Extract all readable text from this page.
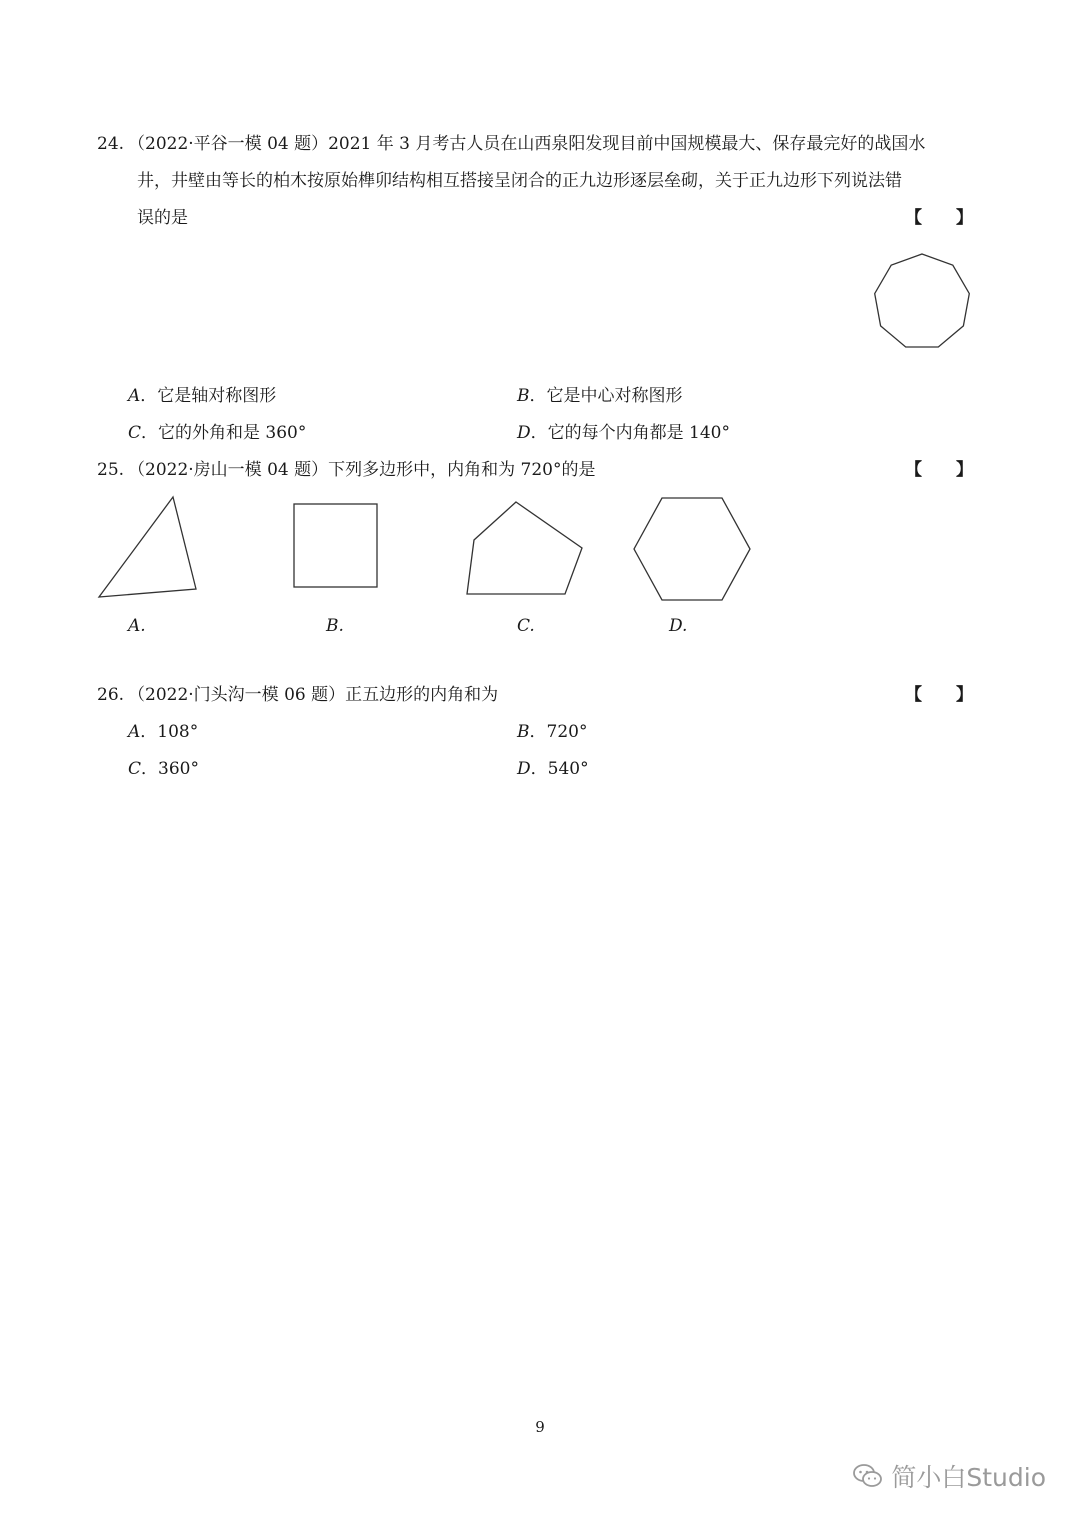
24. （2022·平谷一模 04 题）2021 年 3 月考古人员在山西泉阳发现目前中国规模最大、保存最完好的战国水
井，井壁由等长的柏木按原始榫卯结构相互搭接呈闭合的正九边形逐层垒砌，关于正九边形下列说法错
误的是	【　　】
A．它是轴对称图形	B．它是中心对称图形
C．它的外角和是 360°	D．它的每个内角都是 140°
25. （2022·房山一模 04 题）下列多边形中，内角和为 720°的是	【　　】
A.	B.	C.	D.
26. （2022·门头沟一模 06 题）正五边形的内角和为	【　　】
A．108°	B．720°
C．360°	D．540°
9
简小白Studio
